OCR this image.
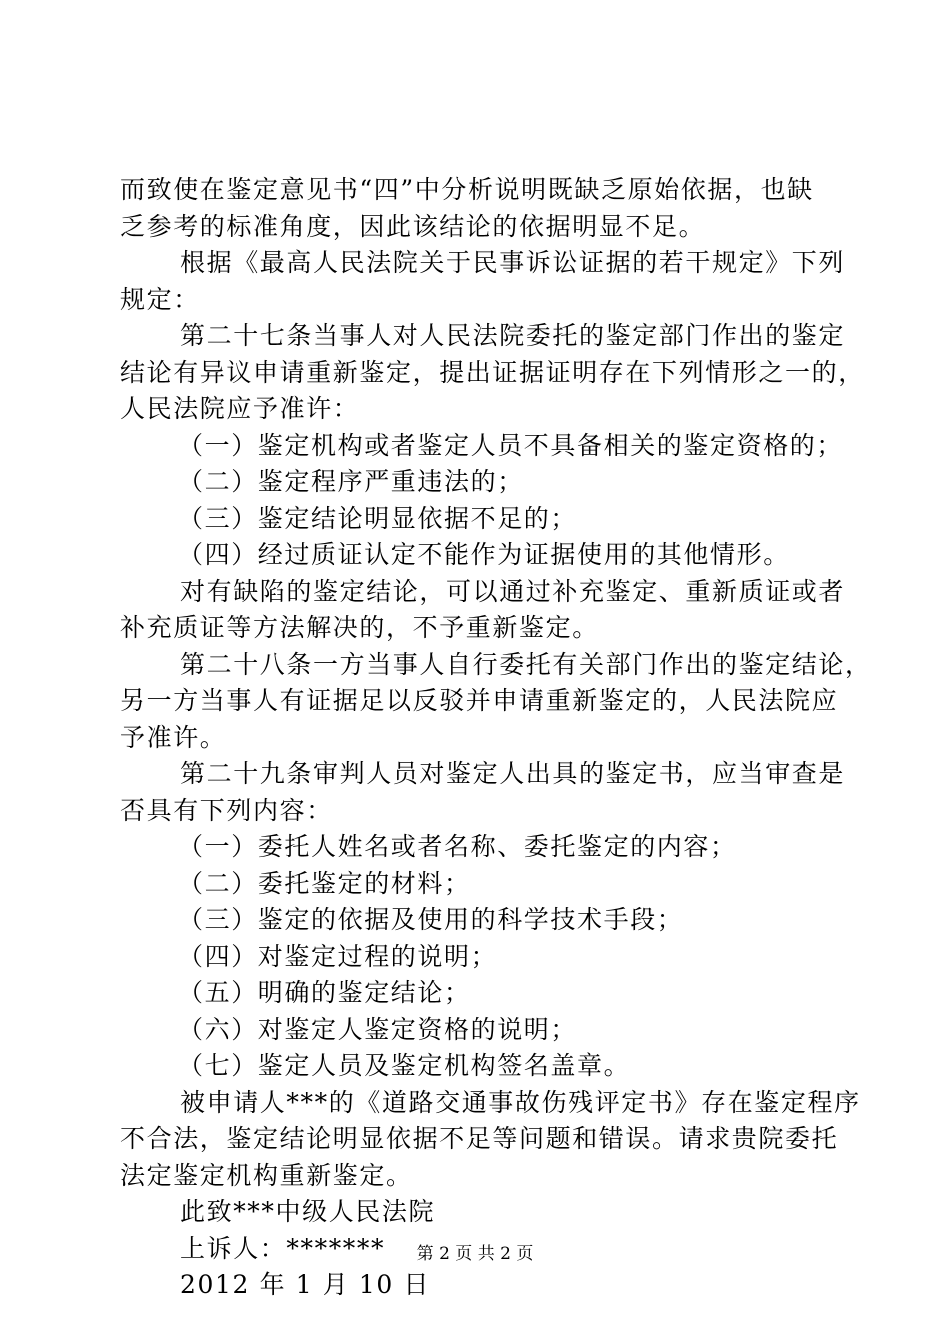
而致使在鉴定意见书“四”中分析说明既缺乏原始依据，也缺
乏参考的标准角度，因此该结论的依据明显不足。
根据《最高人民法院关于民事诉讼证据的若干规定》下列
规定：
第二十七条当事人对人民法院委托的鉴定部门作出的鉴定
结论有异议申请重新鉴定，提出证据证明存在下列情形之一的，
人民法院应予准许：
（一）鉴定机构或者鉴定人员不具备相关的鉴定资格的；
（二）鉴定程序严重违法的；
（三）鉴定结论明显依据不足的；
（四）经过质证认定不能作为证据使用的其他情形。
对有缺陷的鉴定结论，可以通过补充鉴定、重新质证或者
补充质证等方法解决的，不予重新鉴定。
第二十八条一方当事人自行委托有关部门作出的鉴定结论，
另一方当事人有证据足以反驳并申请重新鉴定的，人民法院应
予准许。
第二十九条审判人员对鉴定人出具的鉴定书，应当审查是
否具有下列内容：
（一）委托人姓名或者名称、委托鉴定的内容；
（二）委托鉴定的材料；
（三）鉴定的依据及使用的科学技术手段；
（四）对鉴定过程的说明；
（五）明确的鉴定结论；
（六）对鉴定人鉴定资格的说明；
（七）鉴定人员及鉴定机构签名盖章。
被申请人***的《道路交通事故伤残评定书》存在鉴定程序
不合法，鉴定结论明显依据不足等问题和错误。请求贵院委托
法定鉴定机构重新鉴定。
此致***中级人民法院
上诉人：*******
2012 年 1 月 10 日
第 2 页 共 2 页
